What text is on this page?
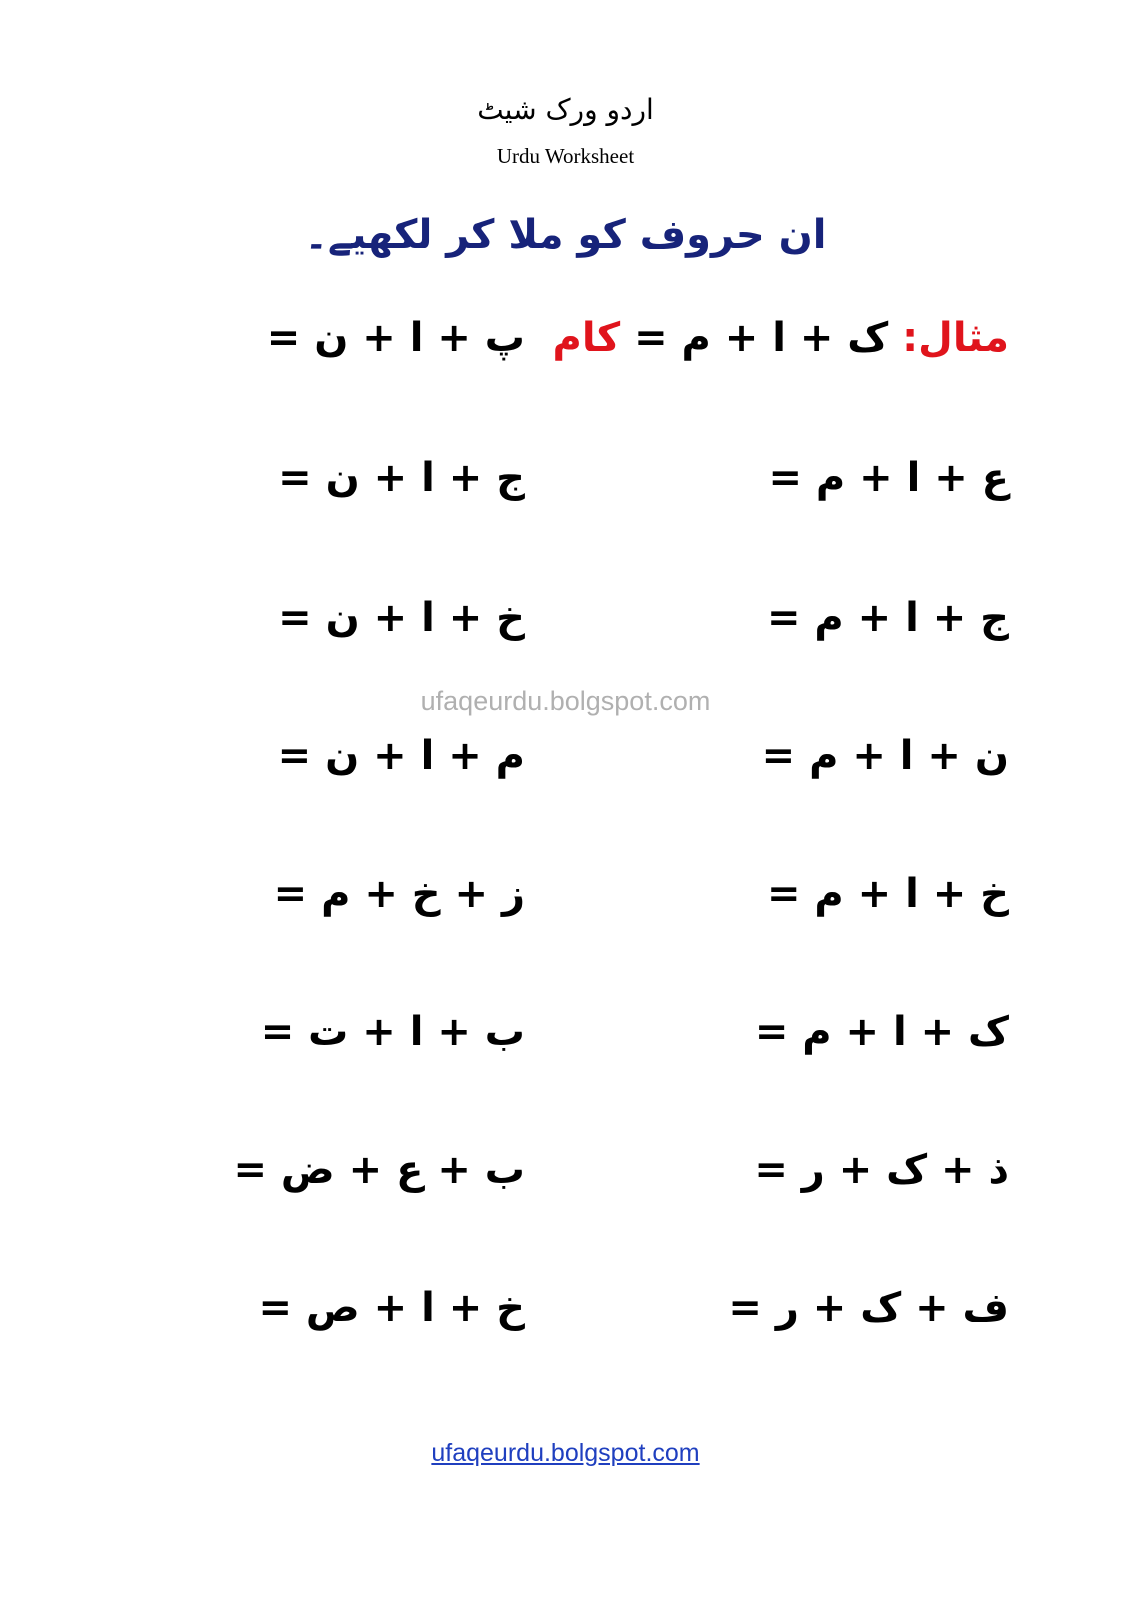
اردو ورک شیٹ
Urdu Worksheet
ان حروف کو ملا کر لکھیے۔
مثال: ک + ا + م = کام
پ + ا + ن =
ج + ا + ن =
خ + ا + ن =
م + ا + ن =
ز + خ + م =
ب + ا + ت =
ب + ع + ض =
خ + ا + ص =
ع + ا + م =
ج + ا + م =
ن + ا + م =
خ + ا + م =
ک + ا + م =
ذ + ک + ر =
ف + ک + ر =
ufaqeurdu.bolgspot.com
ufaqeurdu.bolgspot.com
